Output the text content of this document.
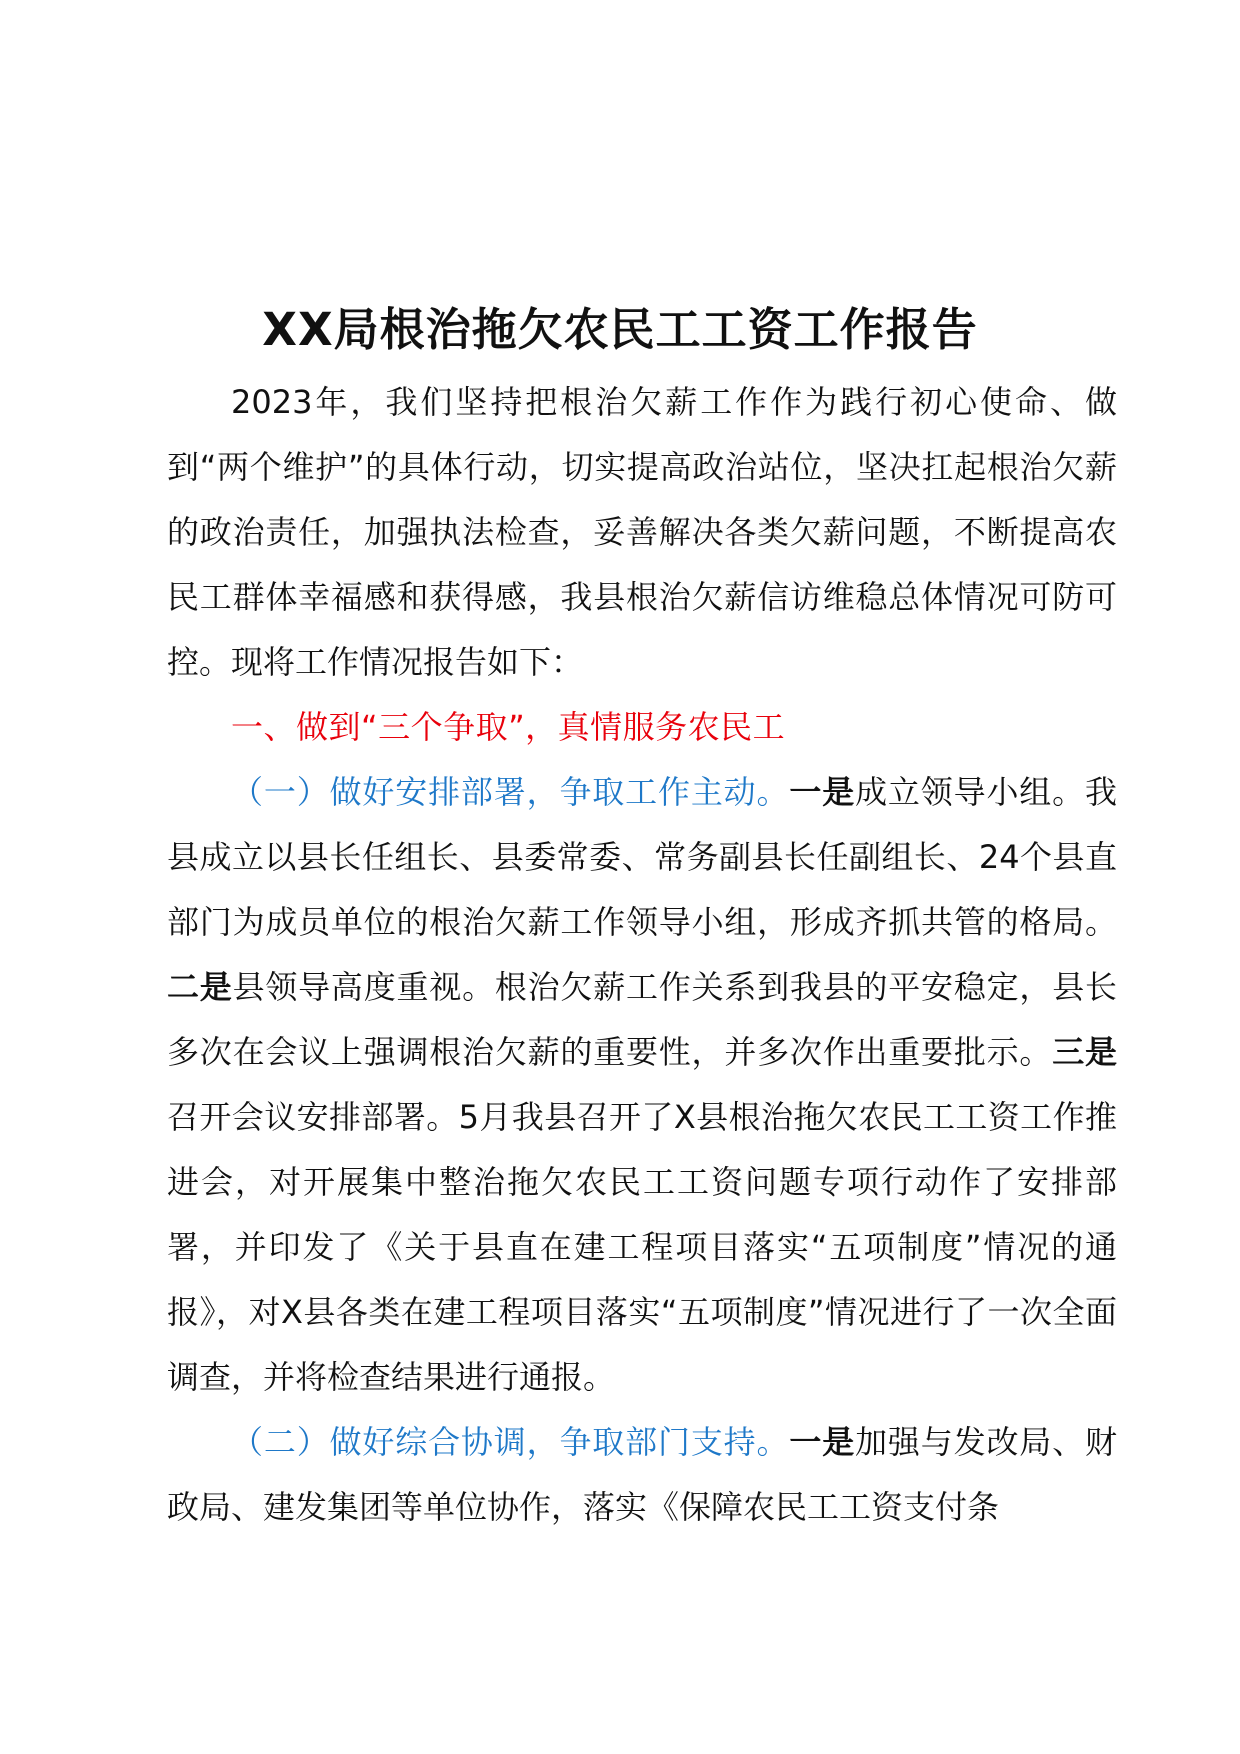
XX局根治拖欠农民工工资工作报告

2023年，我们坚持把根治欠薪工作作为践行初心使命、做到“两个维护”的具体行动，切实提高政治站位，坚决扛起根治欠薪的政治责任，加强执法检查，妥善解决各类欠薪问题，不断提高农民工群体幸福感和获得感，我县根治欠薪信访维稳总体情况可防可控。现将工作情况报告如下：

一、做到“三个争取”，真情服务农民工

（一）做好安排部署，争取工作主动。一是成立领导小组。我县成立以县长任组长、县委常委、常务副县长任副组长、24个县直部门为成员单位的根治欠薪工作领导小组，形成齐抓共管的格局。二是县领导高度重视。根治欠薪工作关系到我县的平安稳定，县长多次在会议上强调根治欠薪的重要性，并多次作出重要批示。三是召开会议安排部署。5月我县召开了X县根治拖欠农民工工资工作推进会，对开展集中整治拖欠农民工工资问题专项行动作了安排部署，并印发了《关于县直在建工程项目落实“五项制度”情况的通报》，对X县各类在建工程项目落实“五项制度”情况进行了一次全面调查，并将检查结果进行通报。

（二）做好综合协调，争取部门支持。一是加强与发改局、财政局、建发集团等单位协作，落实《保障农民工工资支付条
